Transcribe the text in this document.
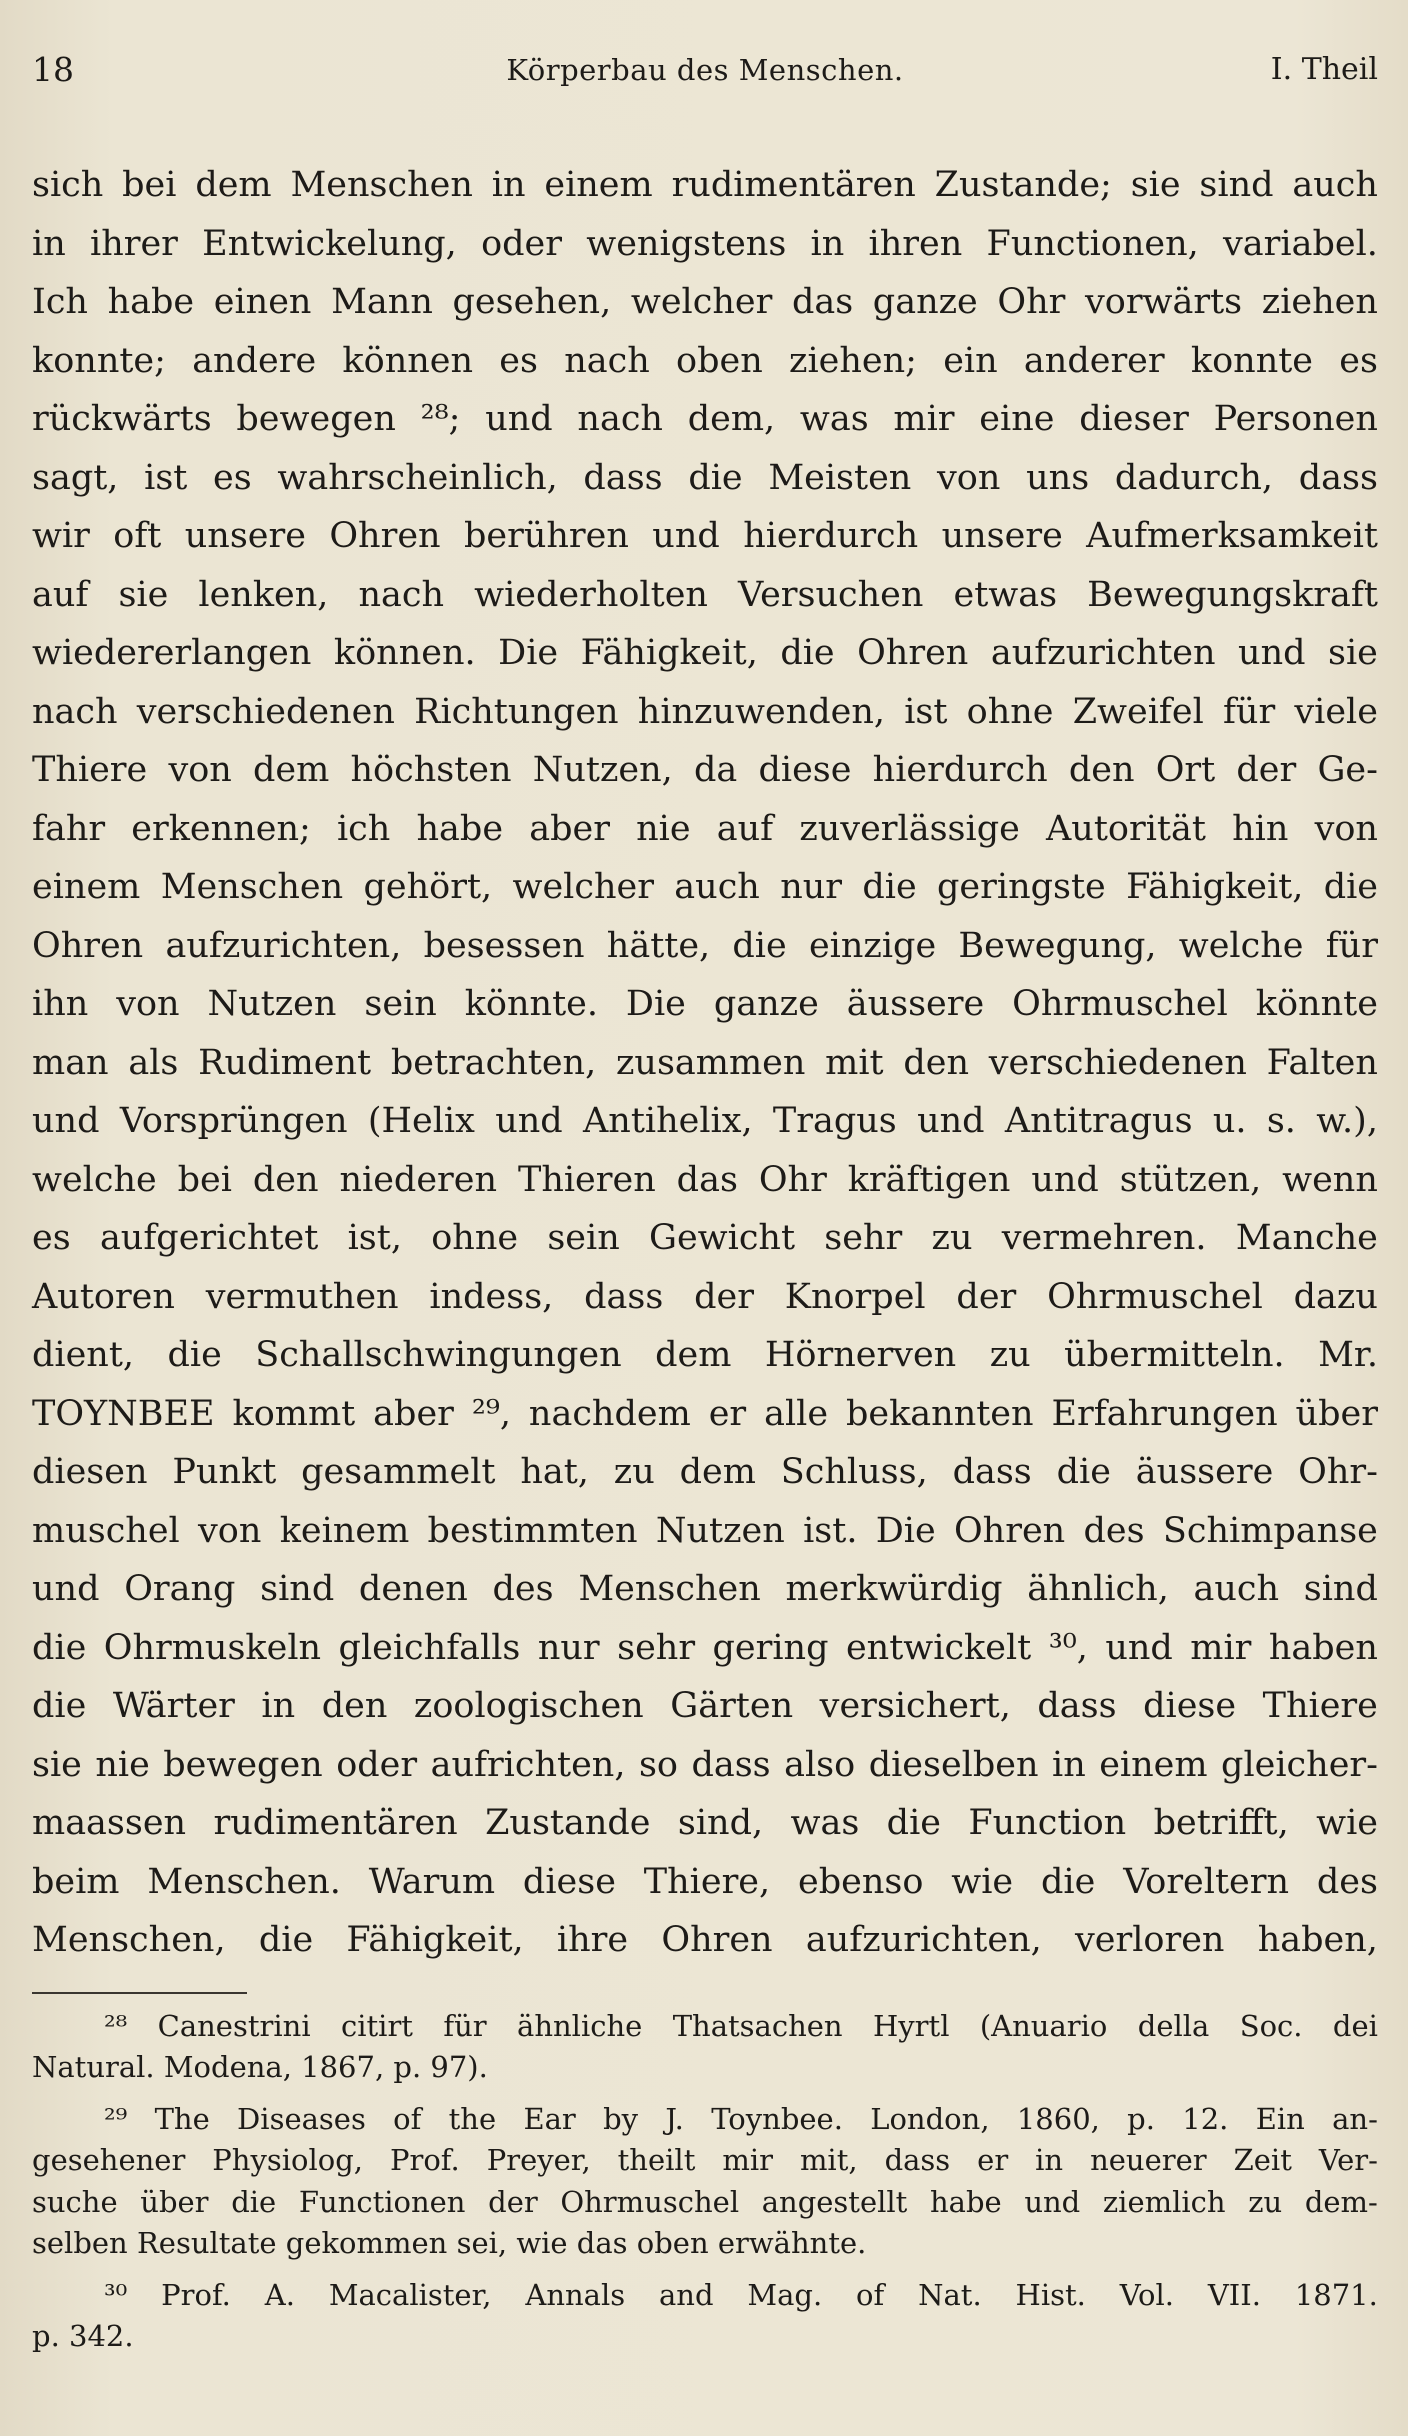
18	Körperbau des Menschen.	I. Theil
sich bei dem Menschen in einem rudimentären Zustande; sie sind auch
in ihrer Entwickelung, oder wenigstens in ihren Functionen, variabel.
Ich habe einen Mann gesehen, welcher das ganze Ohr vorwärts ziehen
konnte; andere können es nach oben ziehen; ein anderer konnte es
rückwärts bewegen ²⁸; und nach dem, was mir eine dieser Personen
sagt, ist es wahrscheinlich, dass die Meisten von uns dadurch, dass
wir oft unsere Ohren berühren und hierdurch unsere Aufmerksamkeit
auf sie lenken, nach wiederholten Versuchen etwas Bewegungskraft
wiedererlangen können. Die Fähigkeit, die Ohren aufzurichten und sie
nach verschiedenen Richtungen hinzuwenden, ist ohne Zweifel für viele
Thiere von dem höchsten Nutzen, da diese hierdurch den Ort der Ge-
fahr erkennen; ich habe aber nie auf zuverlässige Autorität hin von
einem Menschen gehört, welcher auch nur die geringste Fähigkeit, die
Ohren aufzurichten, besessen hätte, die einzige Bewegung, welche für
ihn von Nutzen sein könnte. Die ganze äussere Ohrmuschel könnte
man als Rudiment betrachten, zusammen mit den verschiedenen Falten
und Vorsprüngen (Helix und Antihelix, Tragus und Antitragus u. s. w.),
welche bei den niederen Thieren das Ohr kräftigen und stützen, wenn
es aufgerichtet ist, ohne sein Gewicht sehr zu vermehren. Manche
Autoren vermuthen indess, dass der Knorpel der Ohrmuschel dazu
dient, die Schallschwingungen dem Hörnerven zu übermitteln. Mr.
TOYNBEE kommt aber ²⁹, nachdem er alle bekannten Erfahrungen über
diesen Punkt gesammelt hat, zu dem Schluss, dass die äussere Ohr-
muschel von keinem bestimmten Nutzen ist. Die Ohren des Schimpanse
und Orang sind denen des Menschen merkwürdig ähnlich, auch sind
die Ohrmuskeln gleichfalls nur sehr gering entwickelt ³⁰, und mir haben
die Wärter in den zoologischen Gärten versichert, dass diese Thiere
sie nie bewegen oder aufrichten, so dass also dieselben in einem gleicher-
maassen rudimentären Zustande sind, was die Function betrifft, wie
beim Menschen. Warum diese Thiere, ebenso wie die Voreltern des
Menschen, die Fähigkeit, ihre Ohren aufzurichten, verloren haben,
²⁸ Canestrini citirt für ähnliche Thatsachen Hyrtl (Anuario della Soc. dei
Natural. Modena, 1867, p. 97).
²⁹ The Diseases of the Ear by J. Toynbee. London, 1860, p. 12. Ein an-
gesehener Physiolog, Prof. Preyer, theilt mir mit, dass er in neuerer Zeit Ver-
suche über die Functionen der Ohrmuschel angestellt habe und ziemlich zu dem-
selben Resultate gekommen sei, wie das oben erwähnte.
³⁰ Prof. A. Macalister, Annals and Mag. of Nat. Hist. Vol. VII. 1871.
p. 342.
